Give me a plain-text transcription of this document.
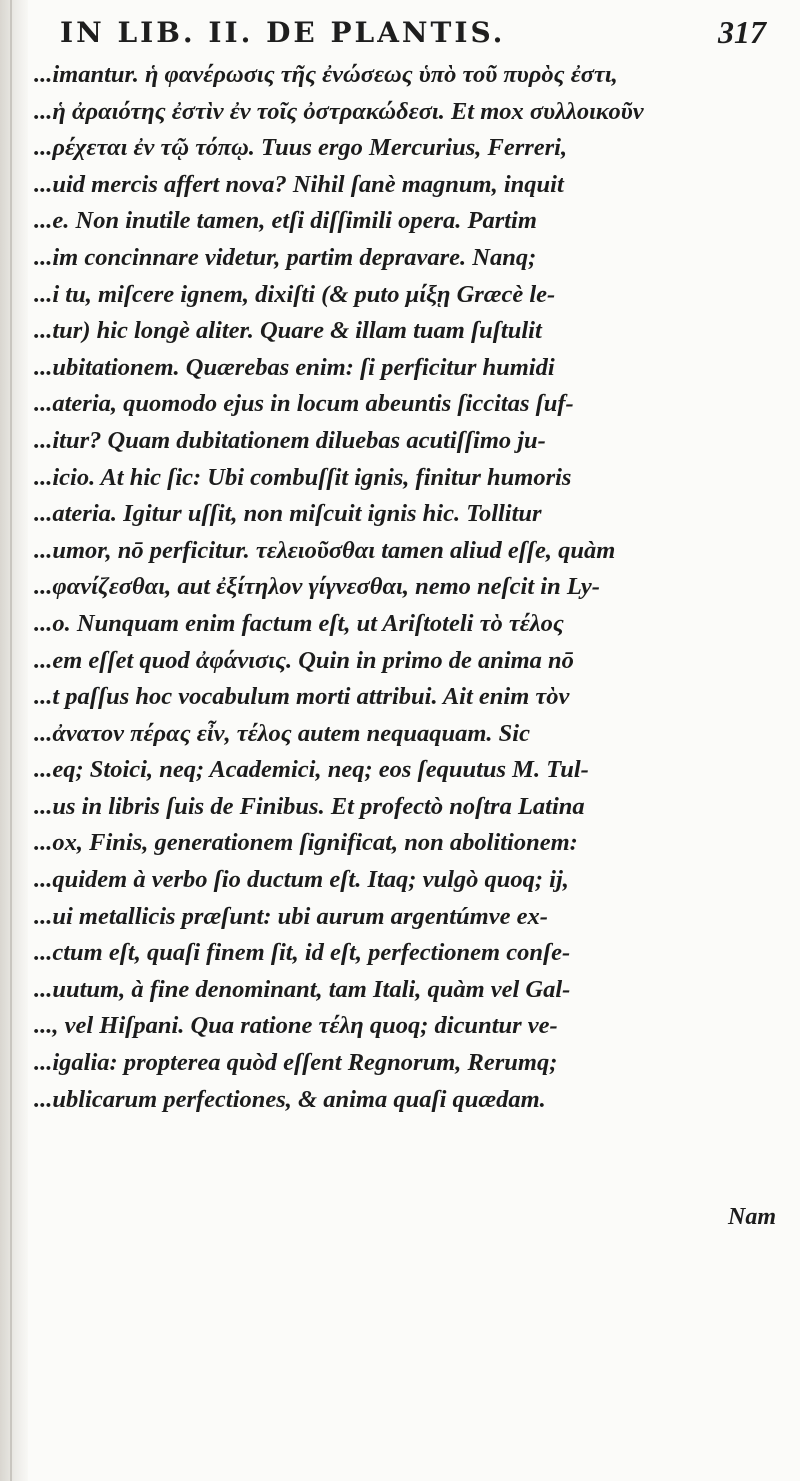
IN LIB. II. DE PLANTIS.	317
...imantur. ἡ φανέρωσις τῆς ἐνώσεως ὑπὸ τοῦ πυρὸς ἐστι,
...ἡ ἀραιότης ἐστὶν ἐν τοῖς ὀστρακώδεσι. Et mox συλλοικοῦν
...ρέχεται ἐν τῷ τόπῳ. Tuus ergo Mercurius, Ferreri,
...uid mercis affert nova? Nihil ſanè magnum, inquit
...e. Non inutile tamen, etſi diſſimili opera. Partim
...im concinnare videtur, partim depravare. Nanq;
...i tu, miſcere ignem, dixiſti (& puto μίξῃ Græcè le-
...tur) hic longè aliter. Quare & illam tuam ſuſtulit
...ubitationem. Quærebas enim: ſi perficitur humidi
...ateria, quomodo ejus in locum abeuntis ſiccitas ſuf-
...itur? Quam dubitationem diluebas acutiſſimo ju-
...icio. At hic ſic: Ubi combuſſit ignis, finitur humoris
...ateria. Igitur uſſit, non miſcuit ignis hic. Tollitur
...umor, nō perficitur. τελειοῦσθαι tamen aliud eſſe, quàm
...φανίζεσθαι, aut ἐξίτηλον γίγνεσθαι, nemo neſcit in Ly-
...o. Nunquam enim factum eſt, ut Ariſtoteli τὸ τέλος
...em eſſet quod ἀφάνισις. Quin in primo de anima nō
...t paſſus hoc vocabulum morti attribui. Ait enim τὸν
...ἀνατον πέρας εἶν, τέλος autem nequaquam. Sic
...eq; Stoici, neq; Academici, neq; eos ſequutus M. Tul-
...us in libris ſuis de Finibus. Et profectò noſtra Latina
...ox, Finis, generationem ſignificat, non abolitionem:
...quidem à verbo ſio ductum eſt. Itaq; vulgò quoq; ij,
...ui metallicis præſunt: ubi aurum argentúmve ex-
...ctum eſt, quaſi finem ſit, id eſt, perfectionem conſe-
...uutum, à fine denominant, tam Itali, quàm vel Gal-
..., vel Hiſpani. Qua ratione τέλη quoq; dicuntur ve-
...igalia: propterea quòd eſſent Regnorum, Rerumq;
...ublicarum perfectiones, & anima quaſi quædam.
Nam
